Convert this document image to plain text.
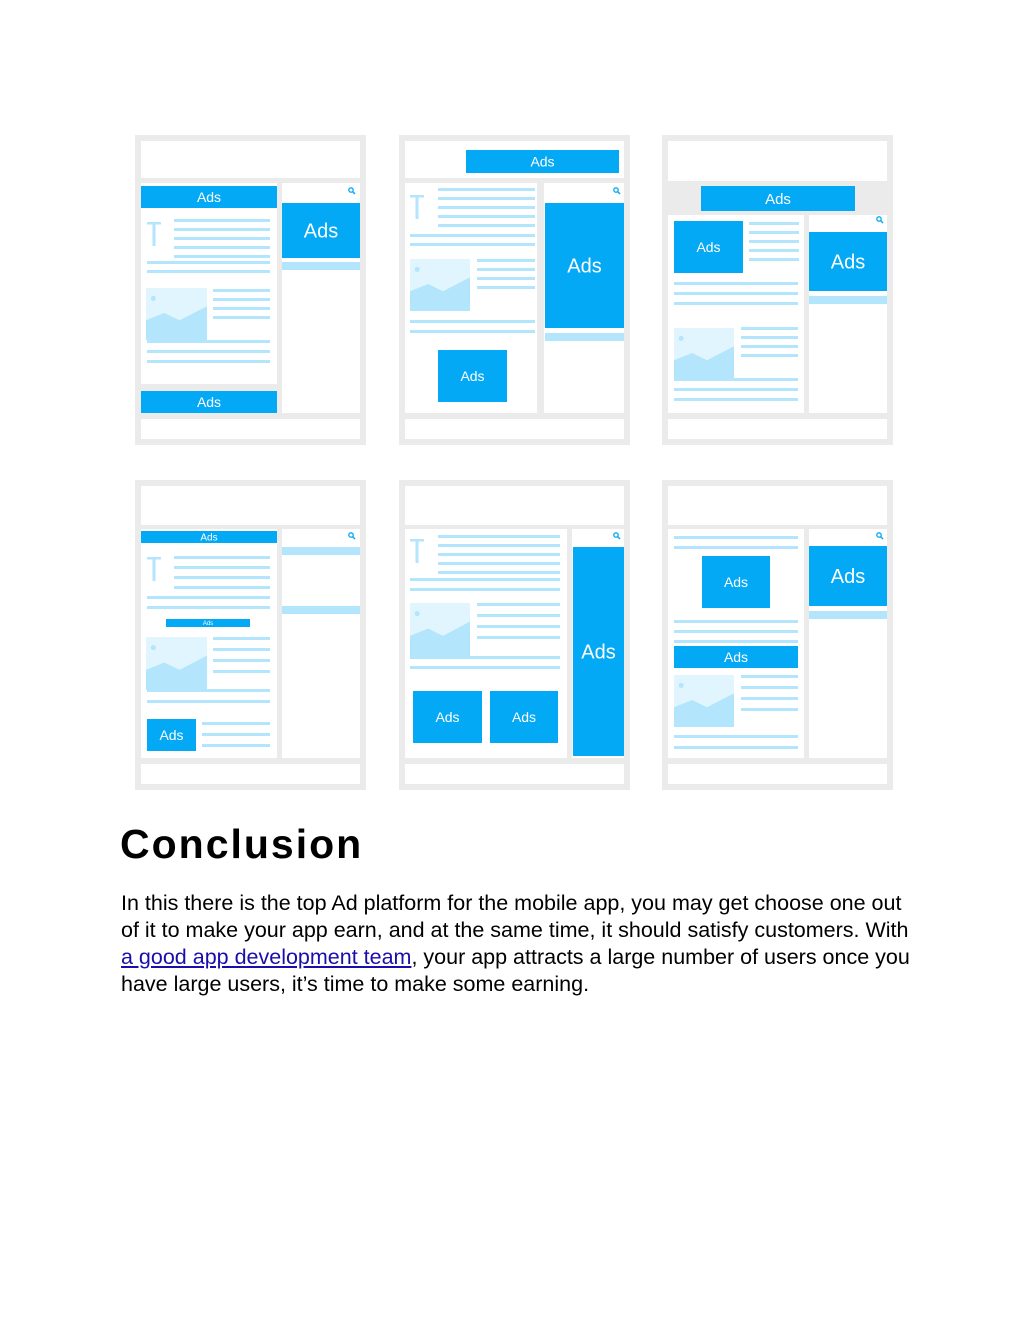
Ads
Ads
Ads
Ads
Ads
Ads
Ads
Ads
Ads
Ads
Ads
Ads
Ads
Ads	Ads
Ads	Ads
Ads
Conclusion

In this there is the top Ad platform for the mobile app, you may get choose one out of it to make your app earn, and at the same time, it should satisfy customers. With a good app development team, your app attracts a large number of users once you have large users, it’s time to make some earning.
